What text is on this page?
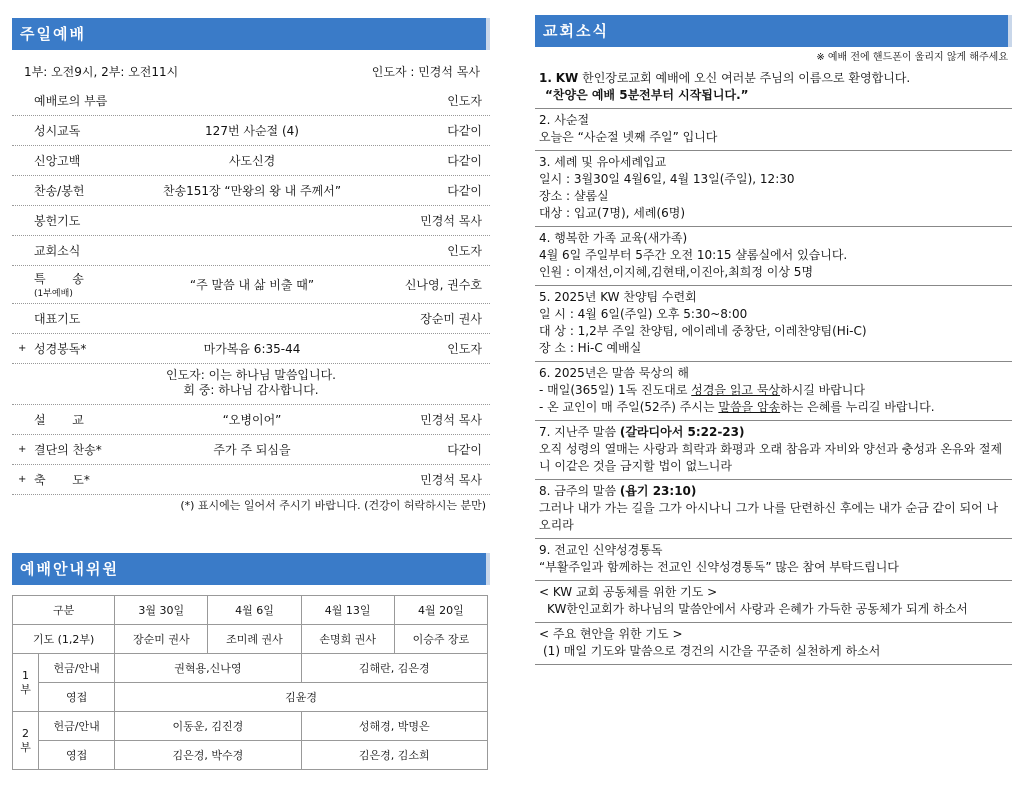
주일예배
1부: 오전9시, 2부: 오전11시	인도자 : 민경석 목사
예배로의 부름	인도자
성시교독	127번 사순절 (4)	다같이
신앙고백	사도신경	다같이
찬송/봉헌	찬송151장 “만왕의 왕 내 주께서”	다같이
봉헌기도	민경석 목사
교회소식	인도자
특       송	“주 말씀 내 삶 비출 때”	신나영, 권수호
(1부예배)
대표기도	장순미 권사
+ 성경봉독*	마가복음 6:35-44	인도자
인도자: 이는 하나님 말씀입니다.
회 중: 하나님 감사합니다.
설       교	“오병이어”	민경석 목사
+ 결단의 찬송*	주가 주 되심을	다같이
+ 축       도*	민경석 목사
(*) 표시에는 일어서 주시기 바랍니다. (건강이 허락하시는 분만)
예배안내위원
구분		3월 30일	4월 6일	4월 13일	4월 20일
기도 (1,2부)		장순미 권사	조미례 권사	손명희 권사	이승주 장로
1부	헌금/안내	권혁용,신나영		김해란, 김은경	
	영접	김윤경			
2부	헌금/안내	이동운, 김진경		성해경, 박명은	
	영접	김은경, 박수경		김은경, 김소희	
교회소식
※ 예배 전에 핸드폰이 울리지 않게 해주세요
1. KW 한인장로교회 예배에 오신 여러분 주님의 이름으로 환영합니다.

“찬양은 예배 5분전부터 시작됩니다.”

2. 사순절

오늘은 “사순절 넷째 주일” 입니다

3. 세례 및 유아세례입교

일시 : 3월30일 4월6일, 4월 13일(주일), 12:30

장소 : 샬롬실

대상 : 입교(7명), 세례(6명)

4. 행복한 가족 교육(새가족)

4월 6일 주일부터 5주간 오전 10:15 샬롬실에서 있습니다.

인원 : 이재선,이지혜,김현태,이진아,최희정 이상 5명

5. 2025년 KW 찬양팀 수련회

일 시 : 4월 6일(주일) 오후 5:30~8:00

대 상 : 1,2부 주일 찬양팀, 에이레네 중창단, 이레찬양팀(Hi-C)

장 소 : Hi-C 예배실

6. 2025년은 말씀 묵상의 해

- 매일(365일) 1독 진도대로 성경을 읽고 묵상하시길 바랍니다

- 온 교인이 매 주일(52주) 주시는 말씀을 암송하는 은혜를 누리길 바랍니다.

7. 지난주 말씀 (갈라디아서 5:22-23)

오직 성령의 열매는 사랑과 희락과 화평과 오래 참음과 자비와 양선과 충성과 온유와 절제니 이같은 것을 금지할 법이 없느니라

8. 금주의 말씀 (욥기 23:10)

그러나 내가 가는 길을 그가 아시나니 그가 나를 단련하신 후에는 내가 순금 같이 되어 나오리라

9. 전교인 신약성경통독

“부활주일과 함께하는 전교인 신약성경통독” 많은 참여 부탁드립니다

< KW 교회 공동체를 위한 기도 >

KW한인교회가 하나님의 말씀안에서 사랑과 은혜가 가득한 공동체가 되게 하소서

< 주요 현안을 위한 기도 >

(1) 매일 기도와 말씀으로 경건의 시간을 꾸준히 실천하게 하소서
